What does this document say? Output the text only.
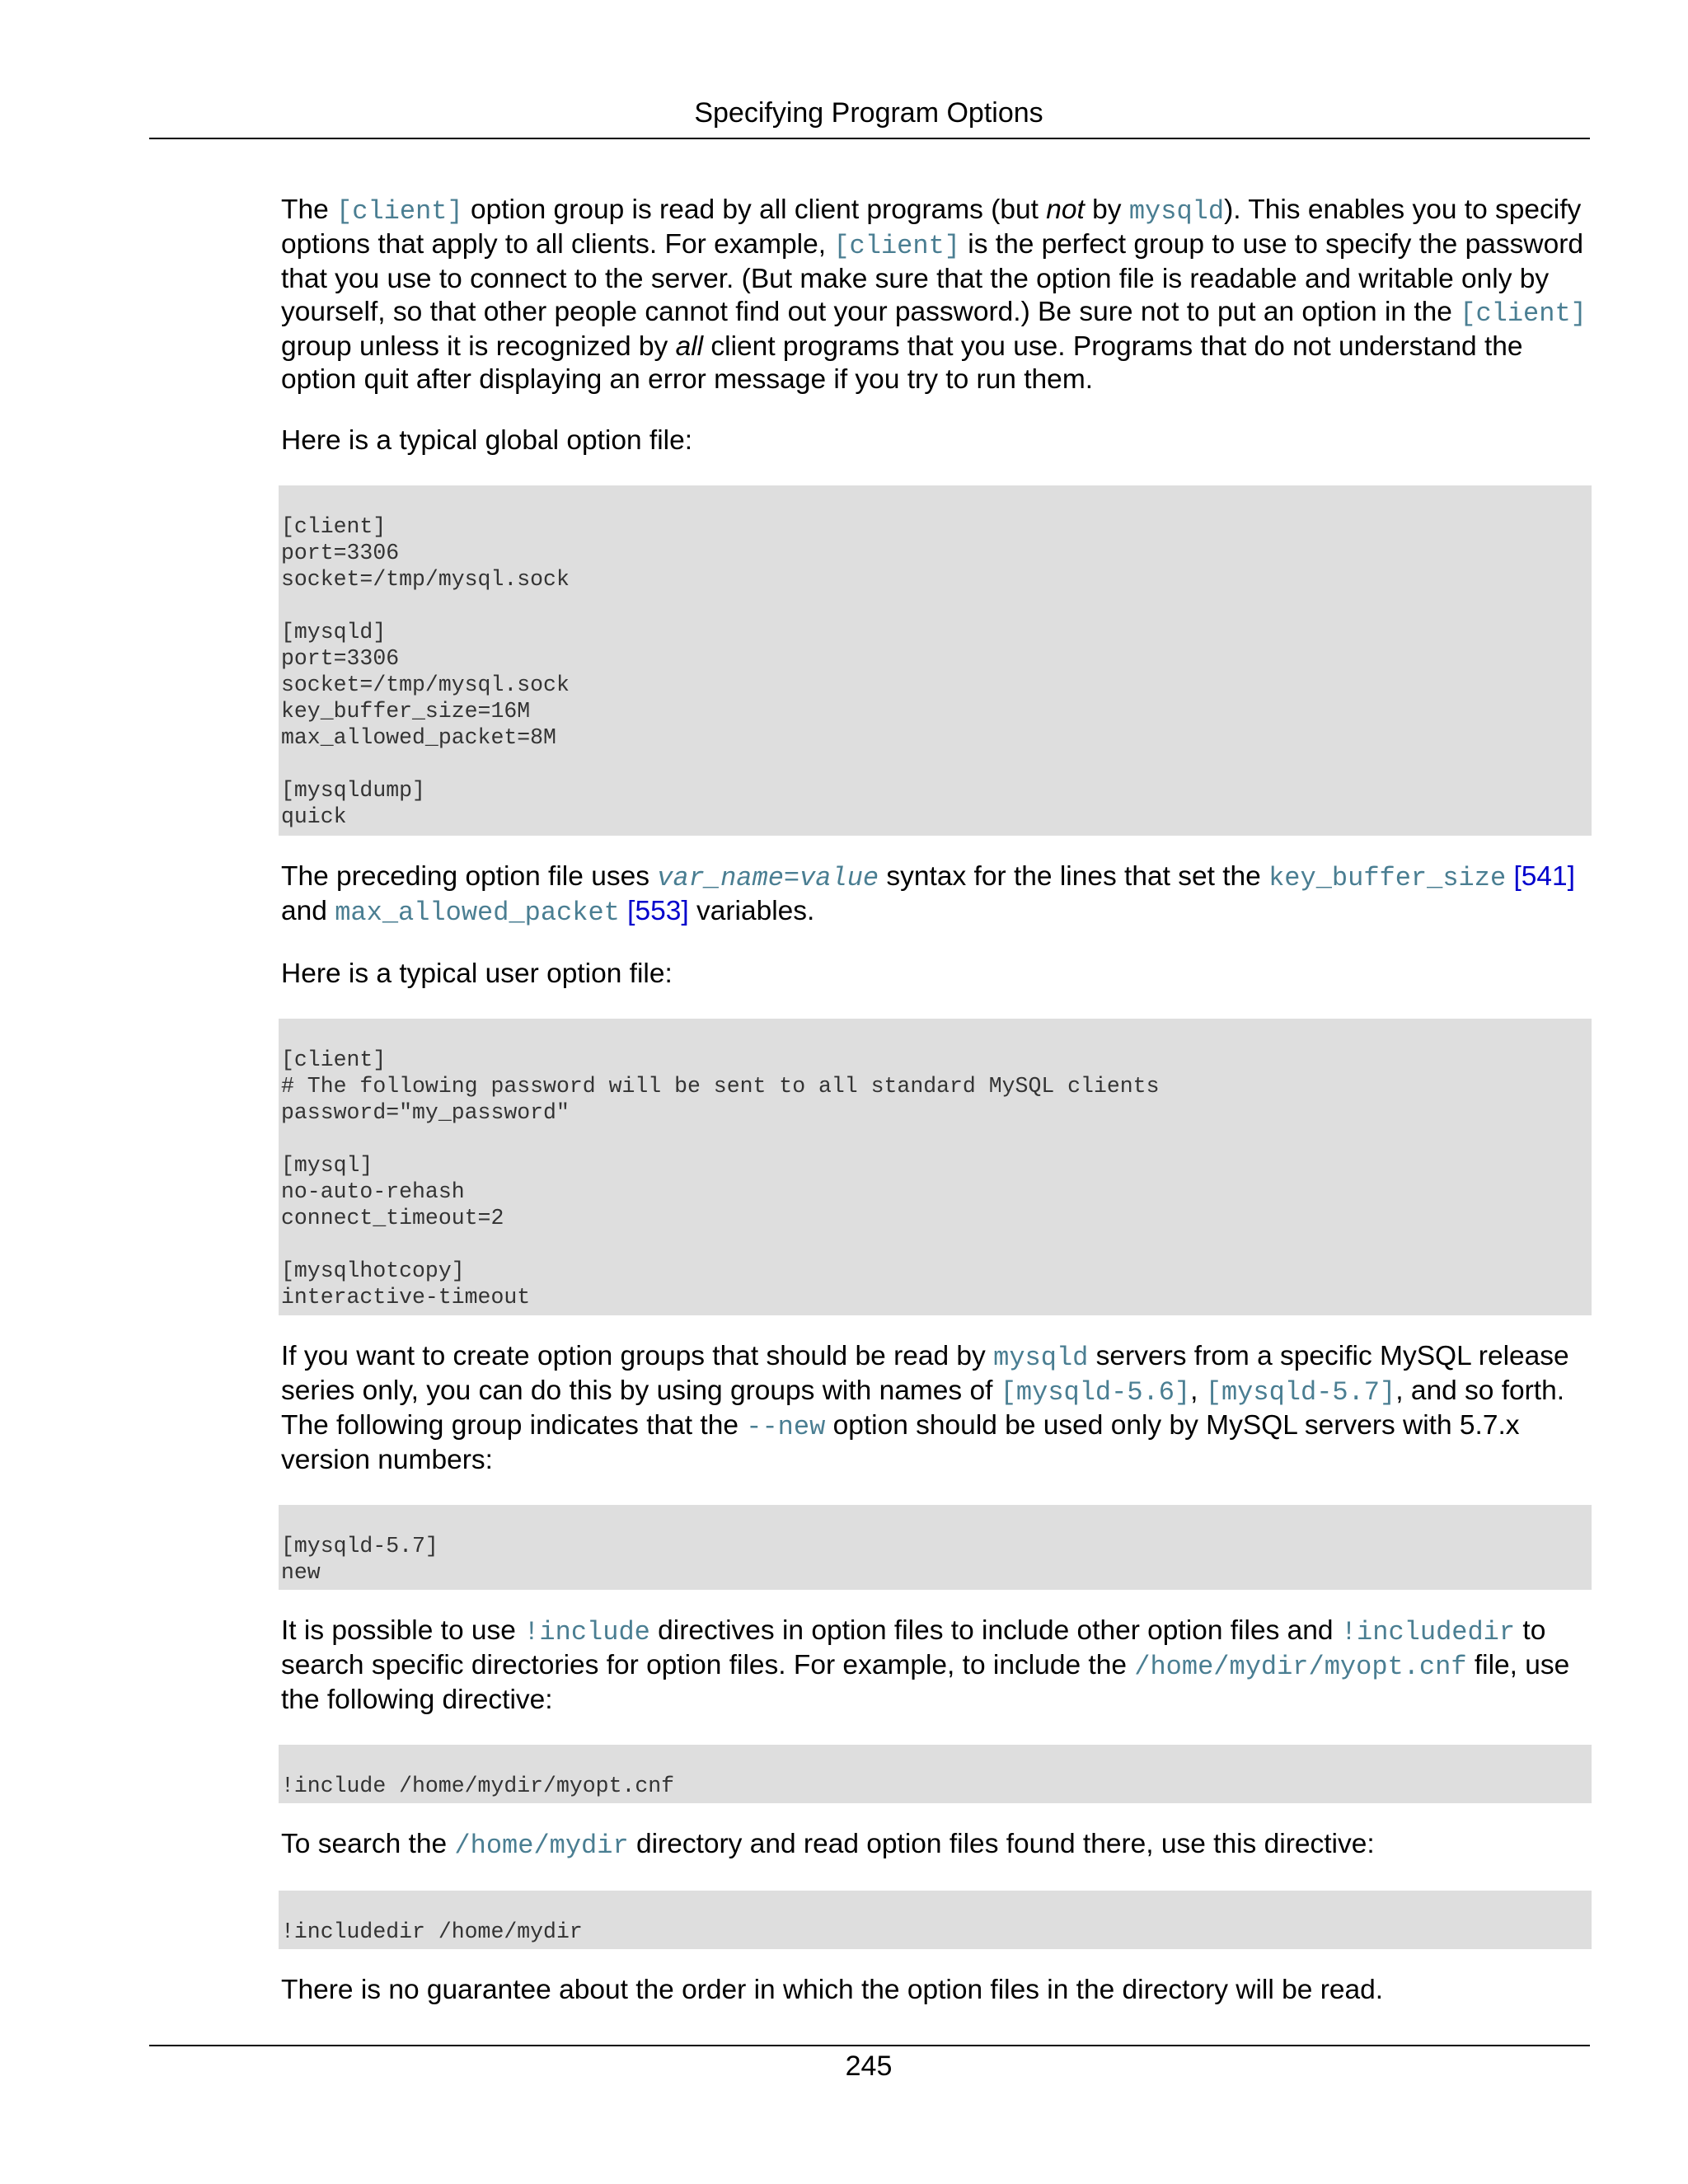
Specifying Program Options

The [client] option group is read by all client programs (but not by mysqld). This enables you to specify options that apply to all clients. For example, [client] is the perfect group to use to specify the password that you use to connect to the server. (But make sure that the option file is readable and writable only by yourself, so that other people cannot find out your password.) Be sure not to put an option in the [client] group unless it is recognized by all client programs that you use. Programs that do not understand the option quit after displaying an error message if you try to run them.

Here is a typical global option file:

[client]
port=3306
socket=/tmp/mysql.sock

[mysqld]
port=3306
socket=/tmp/mysql.sock
key_buffer_size=16M
max_allowed_packet=8M

[mysqldump]
quick

The preceding option file uses var_name=value syntax for the lines that set the key_buffer_size [541] and max_allowed_packet [553] variables.

Here is a typical user option file:

[client]
# The following password will be sent to all standard MySQL clients
password="my_password"

[mysql]
no-auto-rehash
connect_timeout=2

[mysqlhotcopy]
interactive-timeout

If you want to create option groups that should be read by mysqld servers from a specific MySQL release series only, you can do this by using groups with names of [mysqld-5.6], [mysqld-5.7], and so forth. The following group indicates that the --new option should be used only by MySQL servers with 5.7.x version numbers:

[mysqld-5.7]
new

It is possible to use !include directives in option files to include other option files and !includedir to search specific directories for option files. For example, to include the /home/mydir/myopt.cnf file, use the following directive:

!include /home/mydir/myopt.cnf

To search the /home/mydir directory and read option files found there, use this directive:

!includedir /home/mydir

There is no guarantee about the order in which the option files in the directory will be read.

245
